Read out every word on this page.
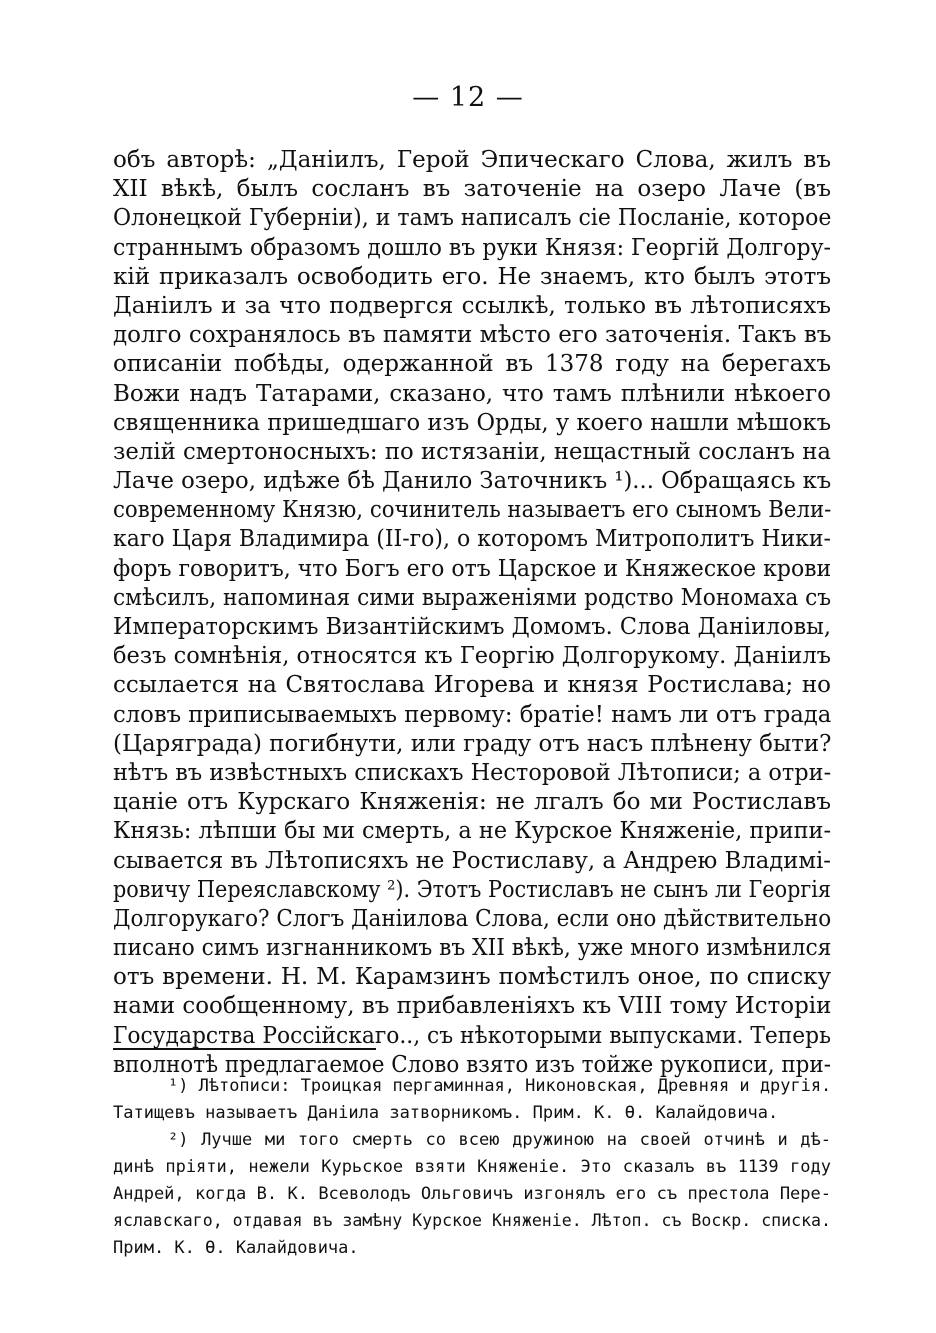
— 12 —
объ авторѣ: „Даніилъ, Герой Эпическаго Слова, жилъ въ
XII вѣкѣ, былъ сосланъ въ заточеніе на озеро Лаче (въ
Олонецкой Губерніи), и тамъ написалъ сіе Посланіе, которое
страннымъ образомъ дошло въ руки Князя: Георгій Долгору-
кій приказалъ освободить его. Не знаемъ, кто былъ этотъ
Даніилъ и за что подвергся ссылкѣ, только въ лѣтописяхъ
долго сохранялось въ памяти мѣсто его заточенія. Такъ въ
описаніи побѣды, одержанной въ 1378 году на берегахъ
Вожи надъ Татарами, сказано, что тамъ плѣнили нѣкоего
священника пришедшаго изъ Орды, у коего нашли мѣшокъ
зелій смертоносныхъ: по истязаніи, нещастный сосланъ на
Лаче озеро, идѣже бѣ Данило Заточникъ ¹)... Обращаясь къ
современному Князю, сочинитель называетъ его сыномъ Вели-
каго Царя Владимира (II-го), о которомъ Митрополитъ Ники-
форъ говоритъ, что Богъ его отъ Царское и Княжеское крови
смѣсилъ, напоминая сими выраженіями родство Мономаха съ
Императорскимъ Византійскимъ Домомъ. Слова Даніиловы,
безъ сомнѣнія, относятся къ Георгію Долгорукому. Даніилъ
ссылается на Святослава Игорева и князя Ростислава; но
словъ приписываемыхъ первому: братіе! намъ ли отъ града
(Царяграда) погибнути, или граду отъ насъ плѣнену быти?
нѣтъ въ извѣстныхъ спискахъ Несторовой Лѣтописи; а отри-
цаніе отъ Курскаго Княженія: не лгалъ бо ми Ростиславъ
Князь: лѣпши бы ми смерть, а не Курское Княженіе, припи-
сывается въ Лѣтописяхъ не Ростиславу, а Андрею Владимі-
ровичу Переяславскому ²). Этотъ Ростиславъ не сынъ ли Георгія
Долгорукаго? Слогъ Даніилова Слова, если оно дѣйствительно
писано симъ изгнанникомъ въ XII вѣкѣ, уже много измѣнился
отъ времени. Н. М. Карамзинъ помѣстилъ оное, по списку
нами сообщенному, въ прибавленіяхъ къ VIII тому Исторіи
Государства Россійскаго.., съ нѣкоторыми выпусками. Теперь
вполнотѣ предлагаемое Слово взято изъ тойже рукописи, при-
¹) Лѣтописи: Троицкая пергаминная, Никоновская, Древняя и другія.
Татищевъ называетъ Даніила затворникомъ. Прим. К. Ѳ. Калайдовича.
²) Лучше ми того смерть со всею дружиною на своей отчинѣ и дѣ-
динѣ пріяти, нежели Курьское взяти Княженіе. Это сказалъ въ 1139 году
Андрей, когда В. К. Всеволодъ Ольговичъ изгонялъ его съ престола Пере-
яславскаго, отдавая въ замѣну Курское Княженіе. Лѣтоп. съ Воскр. списка.
Прим. К. Ѳ. Калайдовича.
